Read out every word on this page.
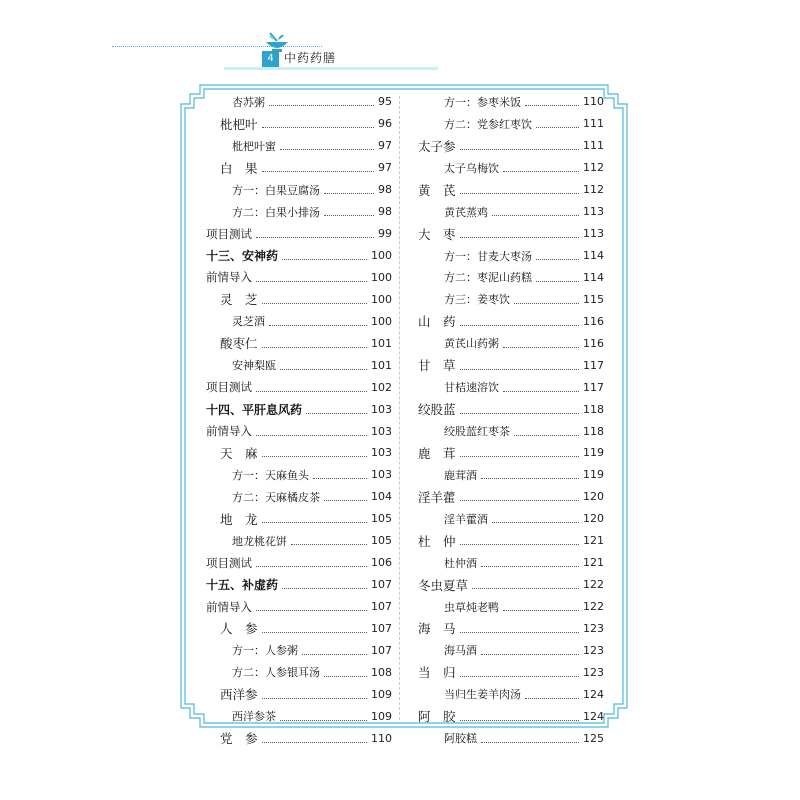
4 中药药膳
杏苏粥	95
枇杷叶	96
枇杷叶蜜	97
白　果	97
方一：白果豆腐汤	98
方二：白果小排汤	98
项目测试	99
十三、安神药	100
前情导入	100
灵　芝	100
灵芝酒	100
酸枣仁	101
安神梨瓯	101
项目测试	102
十四、平肝息风药	103
前情导入	103
天　麻	103
方一：天麻鱼头	103
方二：天麻橘皮茶	104
地　龙	105
地龙桃花饼	105
项目测试	106
十五、补虚药	107
前情导入	107
人　参	107
方一：人参粥	107
方二：人参银耳汤	108
西洋参	109
西洋参茶	109
党　参	110
方一：参枣米饭	110
方二：党参红枣饮	111
太子参	111
太子乌梅饮	112
黄　芪	112
黄芪蒸鸡	113
大　枣	113
方一：甘麦大枣汤	114
方二：枣泥山药糕	114
方三：姜枣饮	115
山　药	116
黄芪山药粥	116
甘　草	117
甘桔速溶饮	117
绞股蓝	118
绞股蓝红枣茶	118
鹿　茸	119
鹿茸酒	119
淫羊藿	120
淫羊藿酒	120
杜　仲	121
杜仲酒	121
冬虫夏草	122
虫草炖老鸭	122
海　马	123
海马酒	123
当　归	123
当归生姜羊肉汤	124
阿　胶	124
阿胶糕	125
